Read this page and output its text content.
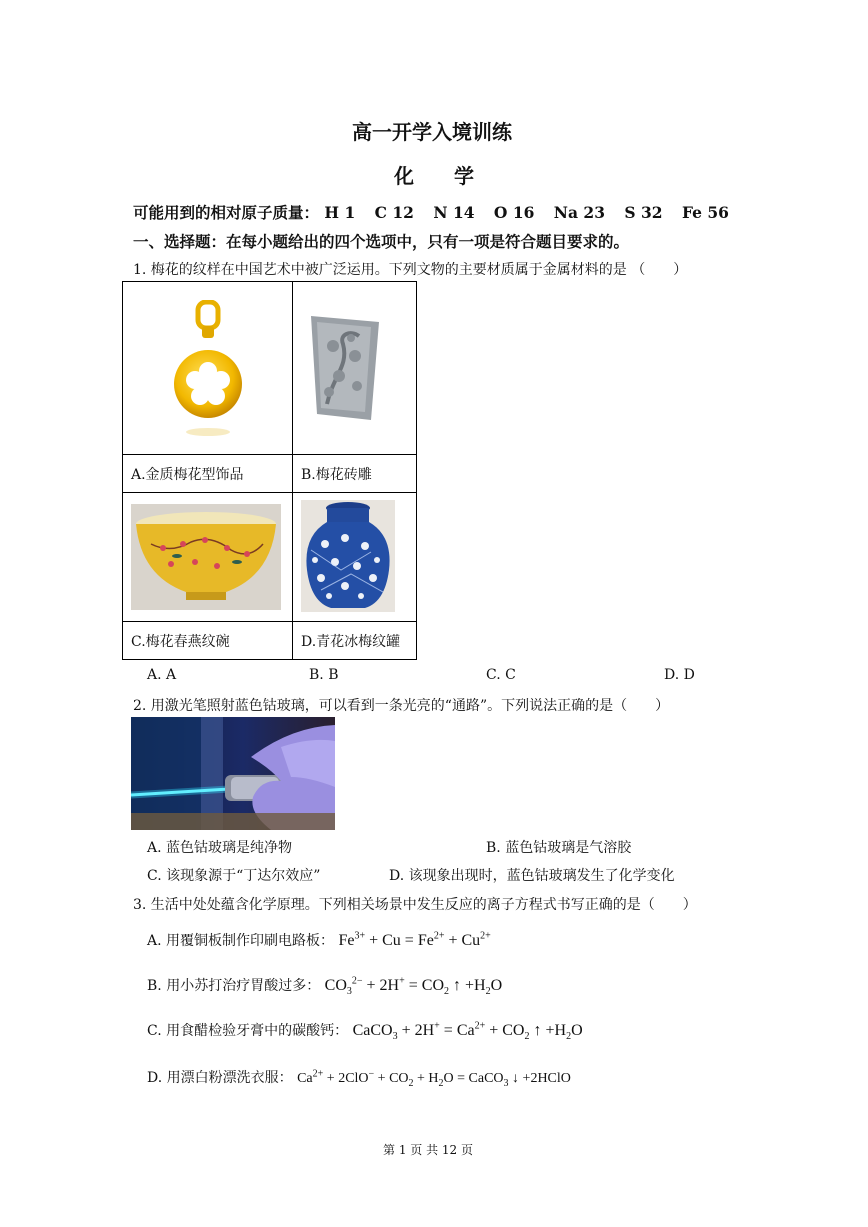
高一开学入境训练
化　学
可能用到的相对原子质量： H 1 C 12 N 14 O 16 Na 23 S 32 Fe 56
一、选择题：在每小题给出的四个选项中，只有一项是符合题目要求的。
1. 梅花的纹样在中国艺术中被广泛运用。下列文物的主要材质属于金属材料的是 （　　）
A.金质梅花型饰品	B.梅花砖雕
C.梅花春燕纹碗	D.青花冰梅纹罐
A. A	B. B	C. C	D. D
2. 用激光笔照射蓝色钴玻璃，可以看到一条光亮的“通路”。下列说法正确的是（　　）
A. 蓝色钴玻璃是纯净物	B. 蓝色钴玻璃是气溶胶
C. 该现象源于“丁达尔效应”	D. 该现象出现时，蓝色钴玻璃发生了化学变化
3. 生活中处处蕴含化学原理。下列相关场景中发生反应的离子方程式书写正确的是（　　）
A. 用覆铜板制作印刷电路板： $Fe^{3+} + Cu = Fe^{2+} + Cu^{2+}$
B. 用小苏打治疗胃酸过多： $CO_3^{2-} + 2H^+ = CO_2$ ↑ $+H_2O$
C. 用食醋检验牙膏中的碳酸钙： CaCO$_3$ + $2H^+ = Ca^{2+} + CO_2$ ↑ $+H_2O$
D. 用漂白粉漂洗衣服： $Ca^{2+} + 2ClO^- + CO_2 + H_2O$ = CaCO$_3$ ↓ +2HClO
第 1 页 共 12 页
